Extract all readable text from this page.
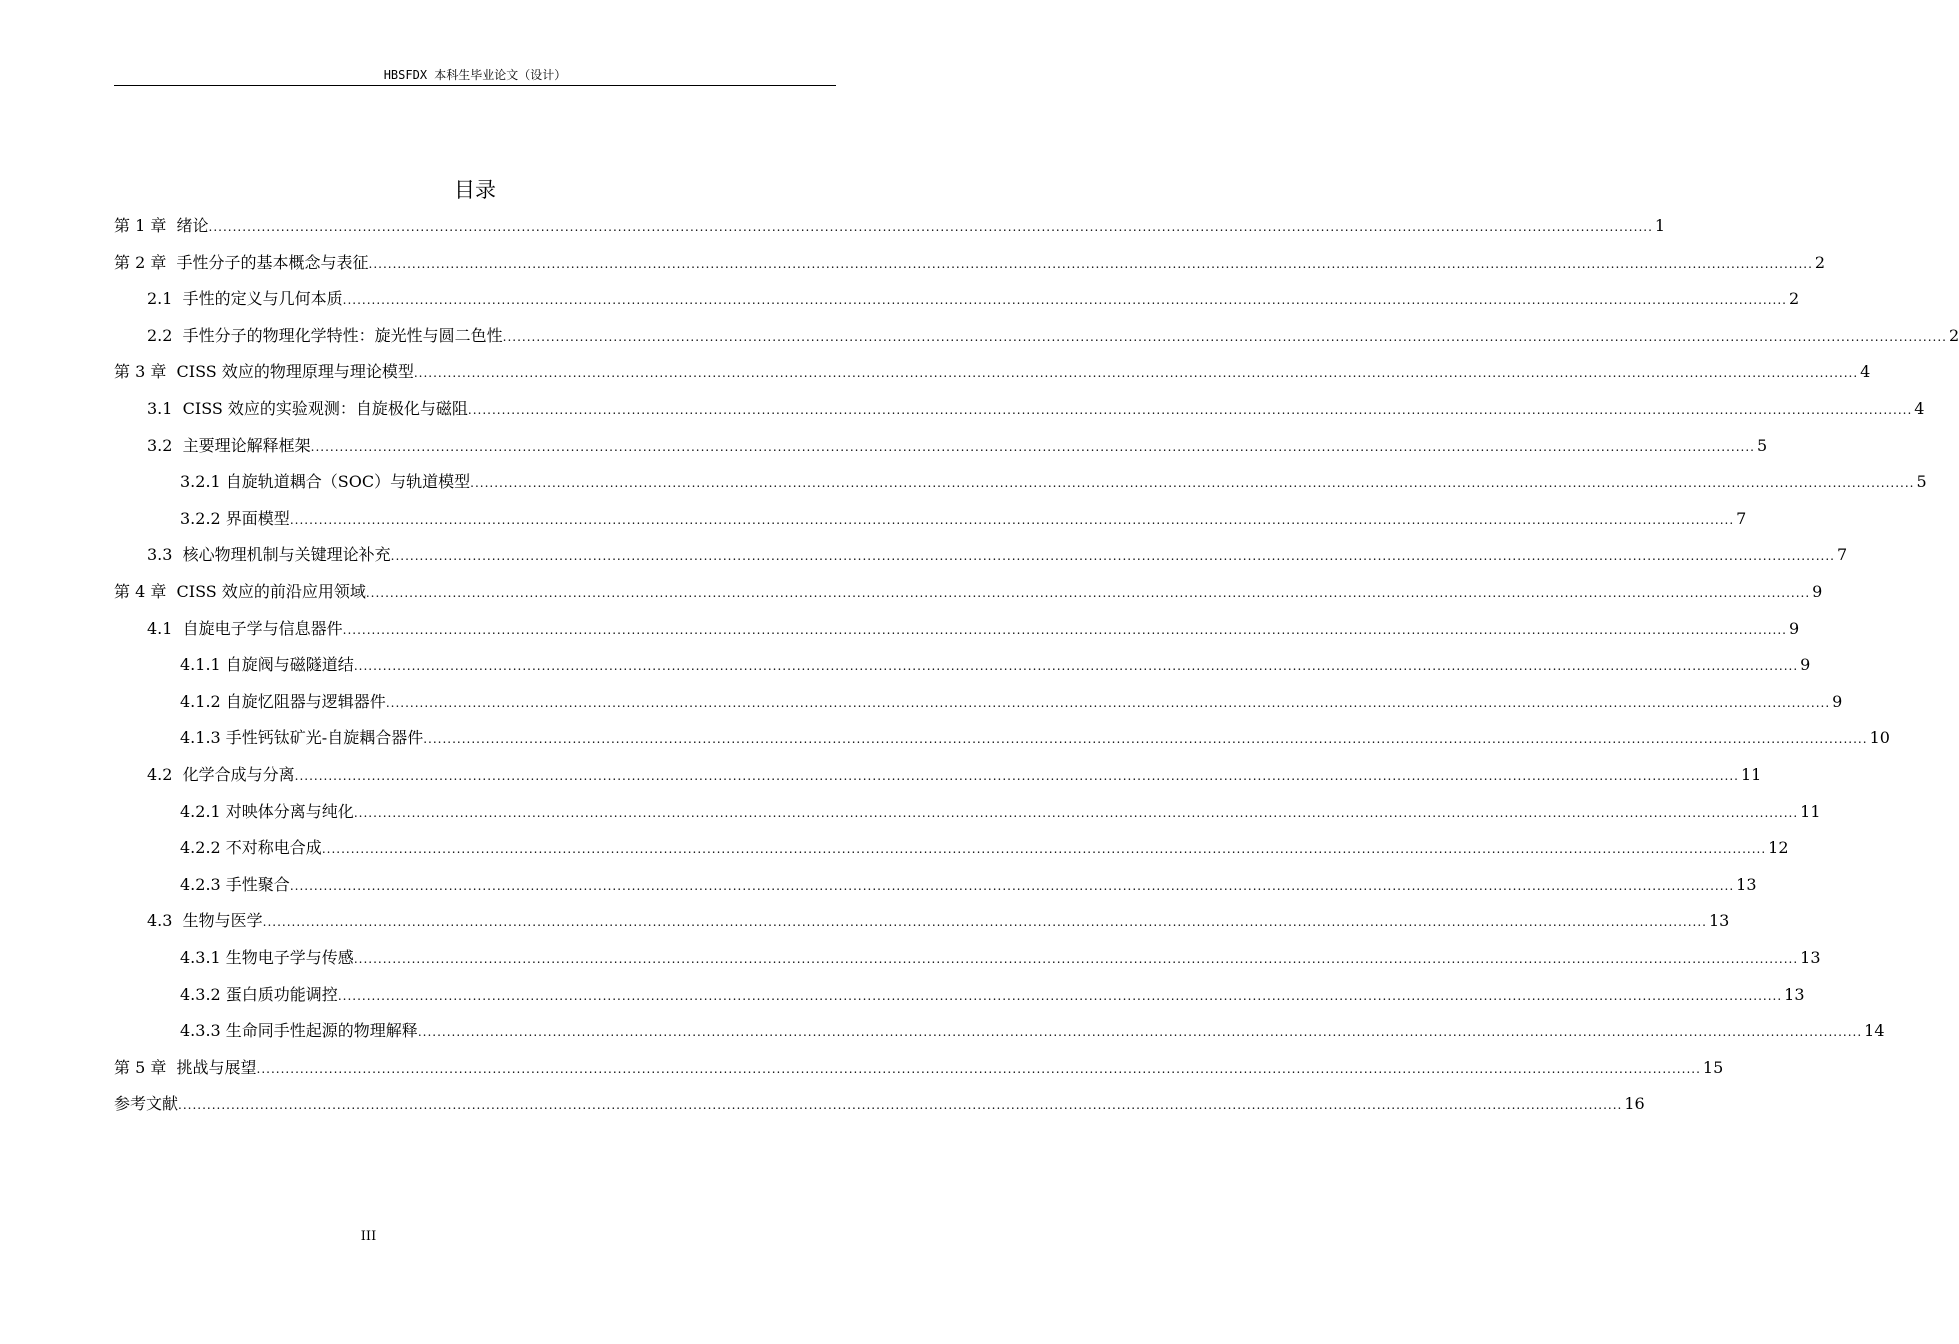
HBSFDX 本科生毕业论文（设计）
目录
第 1 章 绪论 ............................................................................................................................................................................................................................................................................................................ 1
第 2 章 手性分子的基本概念与表征 ............................................................................................................................................................................................................................................................................................................ 2
2.1 手性的定义与几何本质 ............................................................................................................................................................................................................................................................................................................ 2
2.2 手性分子的物理化学特性：旋光性与圆二色性 ............................................................................................................................................................................................................................................................................................................ 2
第 3 章 CISS 效应的物理原理与理论模型 ............................................................................................................................................................................................................................................................................................................ 4
3.1 CISS 效应的实验观测：自旋极化与磁阻 ............................................................................................................................................................................................................................................................................................................ 4
3.2 主要理论解释框架 ............................................................................................................................................................................................................................................................................................................ 5
3.2.1 自旋轨道耦合（SOC）与轨道模型 ............................................................................................................................................................................................................................................................................................................ 5
3.2.2 界面模型 ............................................................................................................................................................................................................................................................................................................ 7
3.3 核心物理机制与关键理论补充 ............................................................................................................................................................................................................................................................................................................ 7
第 4 章 CISS 效应的前沿应用领域 ............................................................................................................................................................................................................................................................................................................ 9
4.1 自旋电子学与信息器件 ............................................................................................................................................................................................................................................................................................................ 9
4.1.1 自旋阀与磁隧道结 ............................................................................................................................................................................................................................................................................................................ 9
4.1.2 自旋忆阻器与逻辑器件 ............................................................................................................................................................................................................................................................................................................ 9
4.1.3 手性钙钛矿光-自旋耦合器件 ............................................................................................................................................................................................................................................................................................................ 10
4.2 化学合成与分离 ............................................................................................................................................................................................................................................................................................................ 11
4.2.1 对映体分离与纯化 ............................................................................................................................................................................................................................................................................................................ 11
4.2.2 不对称电合成 ............................................................................................................................................................................................................................................................................................................ 12
4.2.3 手性聚合 ............................................................................................................................................................................................................................................................................................................ 13
4.3 生物与医学 ............................................................................................................................................................................................................................................................................................................ 13
4.3.1 生物电子学与传感 ............................................................................................................................................................................................................................................................................................................ 13
4.3.2 蛋白质功能调控 ............................................................................................................................................................................................................................................................................................................ 13
4.3.3 生命同手性起源的物理解释 ............................................................................................................................................................................................................................................................................................................ 14
第 5 章 挑战与展望 ............................................................................................................................................................................................................................................................................................................ 15
参考文献 ............................................................................................................................................................................................................................................................................................................ 16
III
